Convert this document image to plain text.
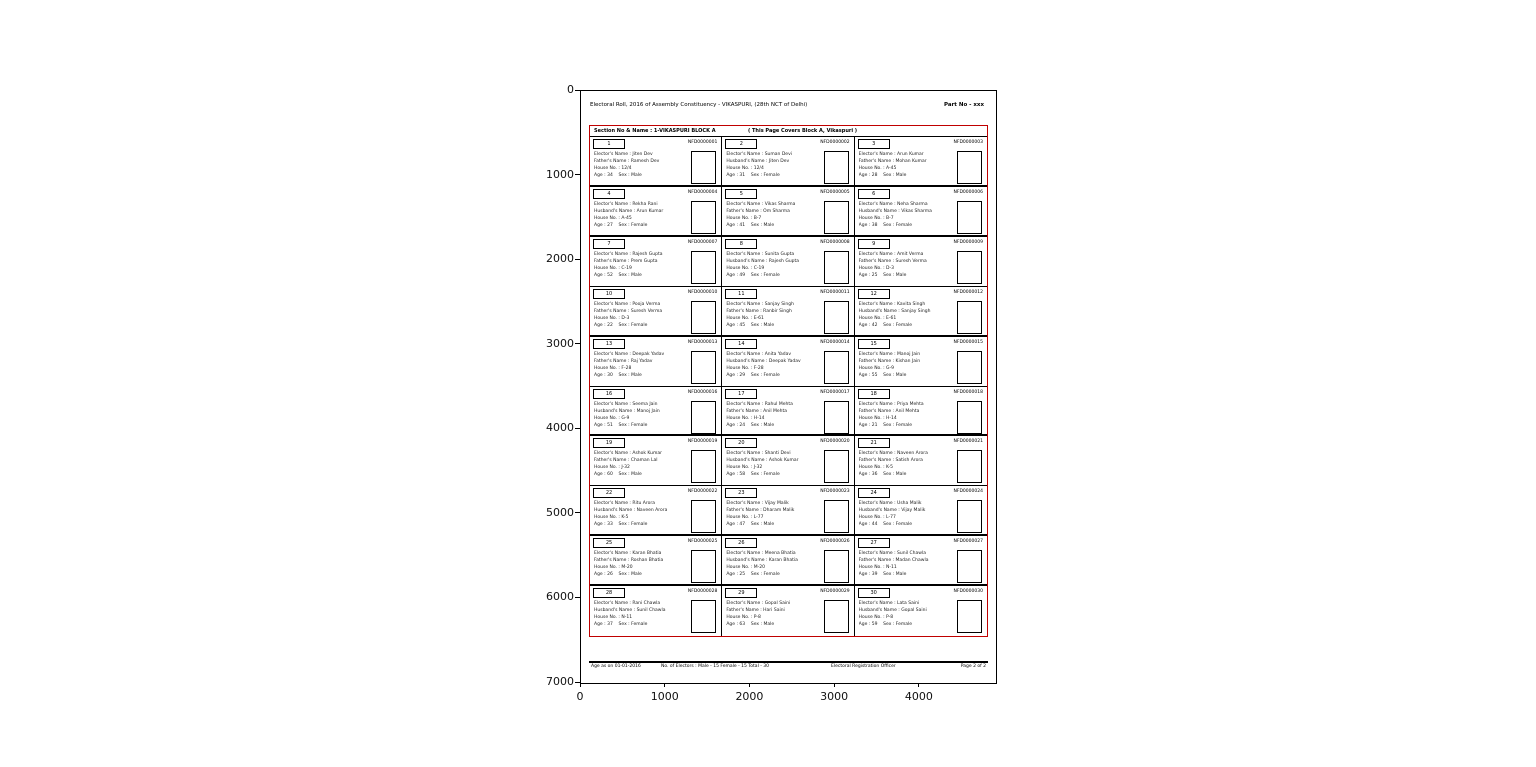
0
1000
2000
3000
4000
5000
6000
7000
0	1000	2000	3000	4000
Electoral Roll, 2016 of Assembly Constituency - VIKASPURI, (28th NCT of Delhi)	Part No - xxx
Section No & Name : 1-VIKASPURI BLOCK A	( This Page Covers Block A, Vikaspuri )
1	NFD0000001
Elector's Name : Jiten Dev
Father's Name : Ramesh Dev
House No. : 12/4
Age : 34    Sex : Male
2	NFD0000002
Elector's Name : Suman Devi
Husband's Name : Jiten Dev
House No. : 12/4
Age : 31    Sex : Female
3	NFD0000003
Elector's Name : Arun Kumar
Father's Name : Mohan Kumar
House No. : A-45
Age : 28    Sex : Male
4	NFD0000004
Elector's Name : Rekha Rani
Husband's Name : Arun Kumar
House No. : A-45
Age : 27    Sex : Female
5	NFD0000005
Elector's Name : Vikas Sharma
Father's Name : Om Sharma
House No. : B-7
Age : 41    Sex : Male
6	NFD0000006
Elector's Name : Neha Sharma
Husband's Name : Vikas Sharma
House No. : B-7
Age : 38    Sex : Female
7	NFD0000007
Elector's Name : Rajesh Gupta
Father's Name : Prem Gupta
House No. : C-19
Age : 52    Sex : Male
8	NFD0000008
Elector's Name : Sunita Gupta
Husband's Name : Rajesh Gupta
House No. : C-19
Age : 49    Sex : Female
9	NFD0000009
Elector's Name : Amit Verma
Father's Name : Suresh Verma
House No. : D-3
Age : 25    Sex : Male
10	NFD0000010
Elector's Name : Pooja Verma
Father's Name : Suresh Verma
House No. : D-3
Age : 22    Sex : Female
11	NFD0000011
Elector's Name : Sanjay Singh
Father's Name : Ranbir Singh
House No. : E-61
Age : 45    Sex : Male
12	NFD0000012
Elector's Name : Kavita Singh
Husband's Name : Sanjay Singh
House No. : E-61
Age : 42    Sex : Female
13	NFD0000013
Elector's Name : Deepak Yadav
Father's Name : Raj Yadav
House No. : F-28
Age : 30    Sex : Male
14	NFD0000014
Elector's Name : Anita Yadav
Husband's Name : Deepak Yadav
House No. : F-28
Age : 29    Sex : Female
15	NFD0000015
Elector's Name : Manoj Jain
Father's Name : Kishan Jain
House No. : G-9
Age : 55    Sex : Male
16	NFD0000016
Elector's Name : Seema Jain
Husband's Name : Manoj Jain
House No. : G-9
Age : 51    Sex : Female
17	NFD0000017
Elector's Name : Rahul Mehta
Father's Name : Anil Mehta
House No. : H-14
Age : 24    Sex : Male
18	NFD0000018
Elector's Name : Priya Mehta
Father's Name : Anil Mehta
House No. : H-14
Age : 21    Sex : Female
19	NFD0000019
Elector's Name : Ashok Kumar
Father's Name : Chaman Lal
House No. : J-32
Age : 60    Sex : Male
20	NFD0000020
Elector's Name : Shanti Devi
Husband's Name : Ashok Kumar
House No. : J-32
Age : 58    Sex : Female
21	NFD0000021
Elector's Name : Naveen Arora
Father's Name : Satish Arora
House No. : K-5
Age : 36    Sex : Male
22	NFD0000022
Elector's Name : Ritu Arora
Husband's Name : Naveen Arora
House No. : K-5
Age : 33    Sex : Female
23	NFD0000023
Elector's Name : Vijay Malik
Father's Name : Dharam Malik
House No. : L-77
Age : 47    Sex : Male
24	NFD0000024
Elector's Name : Usha Malik
Husband's Name : Vijay Malik
House No. : L-77
Age : 44    Sex : Female
25	NFD0000025
Elector's Name : Karan Bhatia
Father's Name : Roshan Bhatia
House No. : M-20
Age : 26    Sex : Male
26	NFD0000026
Elector's Name : Meena Bhatia
Husband's Name : Karan Bhatia
House No. : M-20
Age : 25    Sex : Female
27	NFD0000027
Elector's Name : Sunil Chawla
Father's Name : Madan Chawla
House No. : N-11
Age : 39    Sex : Male
28	NFD0000028
Elector's Name : Rani Chawla
Husband's Name : Sunil Chawla
House No. : N-11
Age : 37    Sex : Female
29	NFD0000029
Elector's Name : Gopal Saini
Father's Name : Hari Saini
House No. : P-8
Age : 63    Sex : Male
30	NFD0000030
Elector's Name : Lata Saini
Husband's Name : Gopal Saini
House No. : P-8
Age : 59    Sex : Female
Age as on 01-01-2016	No. of Electors : Male - 15 Female - 15 Total - 30	Electoral Registration Officer	Page 2 of 2
